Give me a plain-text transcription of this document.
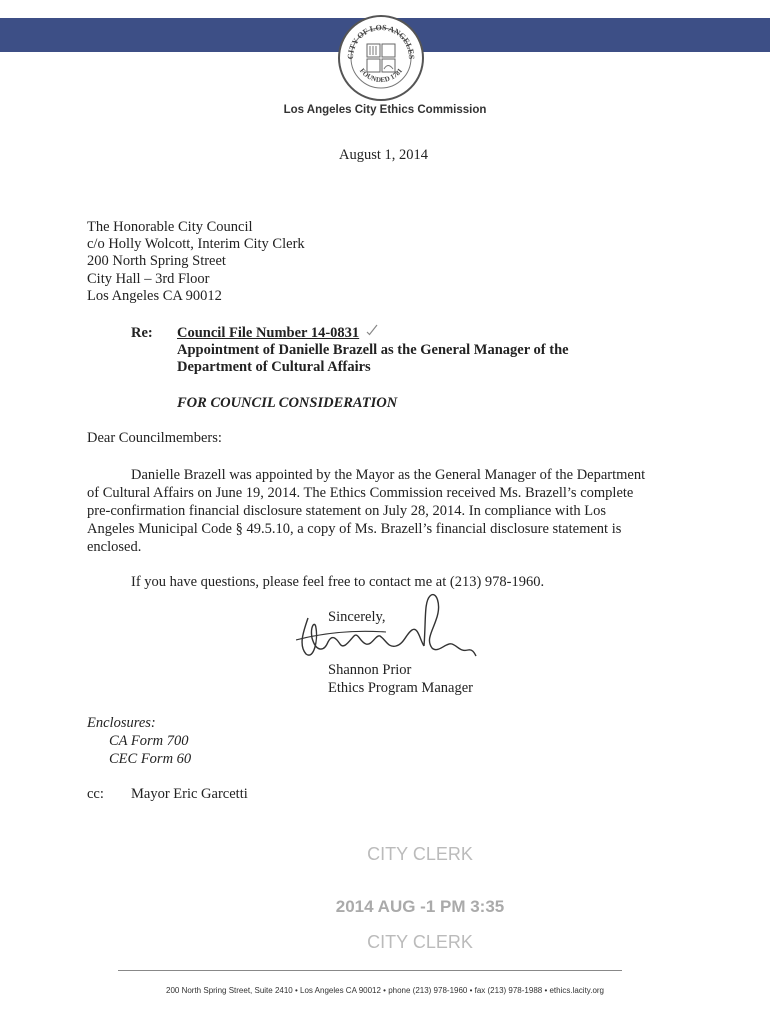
CITY OF LOS ANGELES
FOUNDED 1781
Los Angeles City Ethics Commission
August 1, 2014
The Honorable City Council
c/o Holly Wolcott, Interim City Clerk
200 North Spring Street
City Hall – 3rd Floor
Los Angeles CA 90012
Re: Council File Number 14-0831
Appointment of Danielle Brazell as the General Manager of the
Department of Cultural Affairs
FOR COUNCIL CONSIDERATION
Dear Councilmembers:
Danielle Brazell was appointed by the Mayor as the General Manager of the Department
of Cultural Affairs on June 19, 2014. The Ethics Commission received Ms. Brazell’s complete
pre-confirmation financial disclosure statement on July 28, 2014. In compliance with Los
Angeles Municipal Code § 49.5.10, a copy of Ms. Brazell’s financial disclosure statement is
enclosed.
If you have questions, please feel free to contact me at (213) 978-1960.
Sincerely,
Shannon Prior
Ethics Program Manager
Enclosures:
CA Form 700
CEC Form 60
cc: Mayor Eric Garcetti
CITY CLERK
2014 AUG -1 PM 3:35
CITY CLERK
200 North Spring Street, Suite 2410 • Los Angeles CA 90012 • phone (213) 978-1960 • fax (213) 978-1988 • ethics.lacity.org
